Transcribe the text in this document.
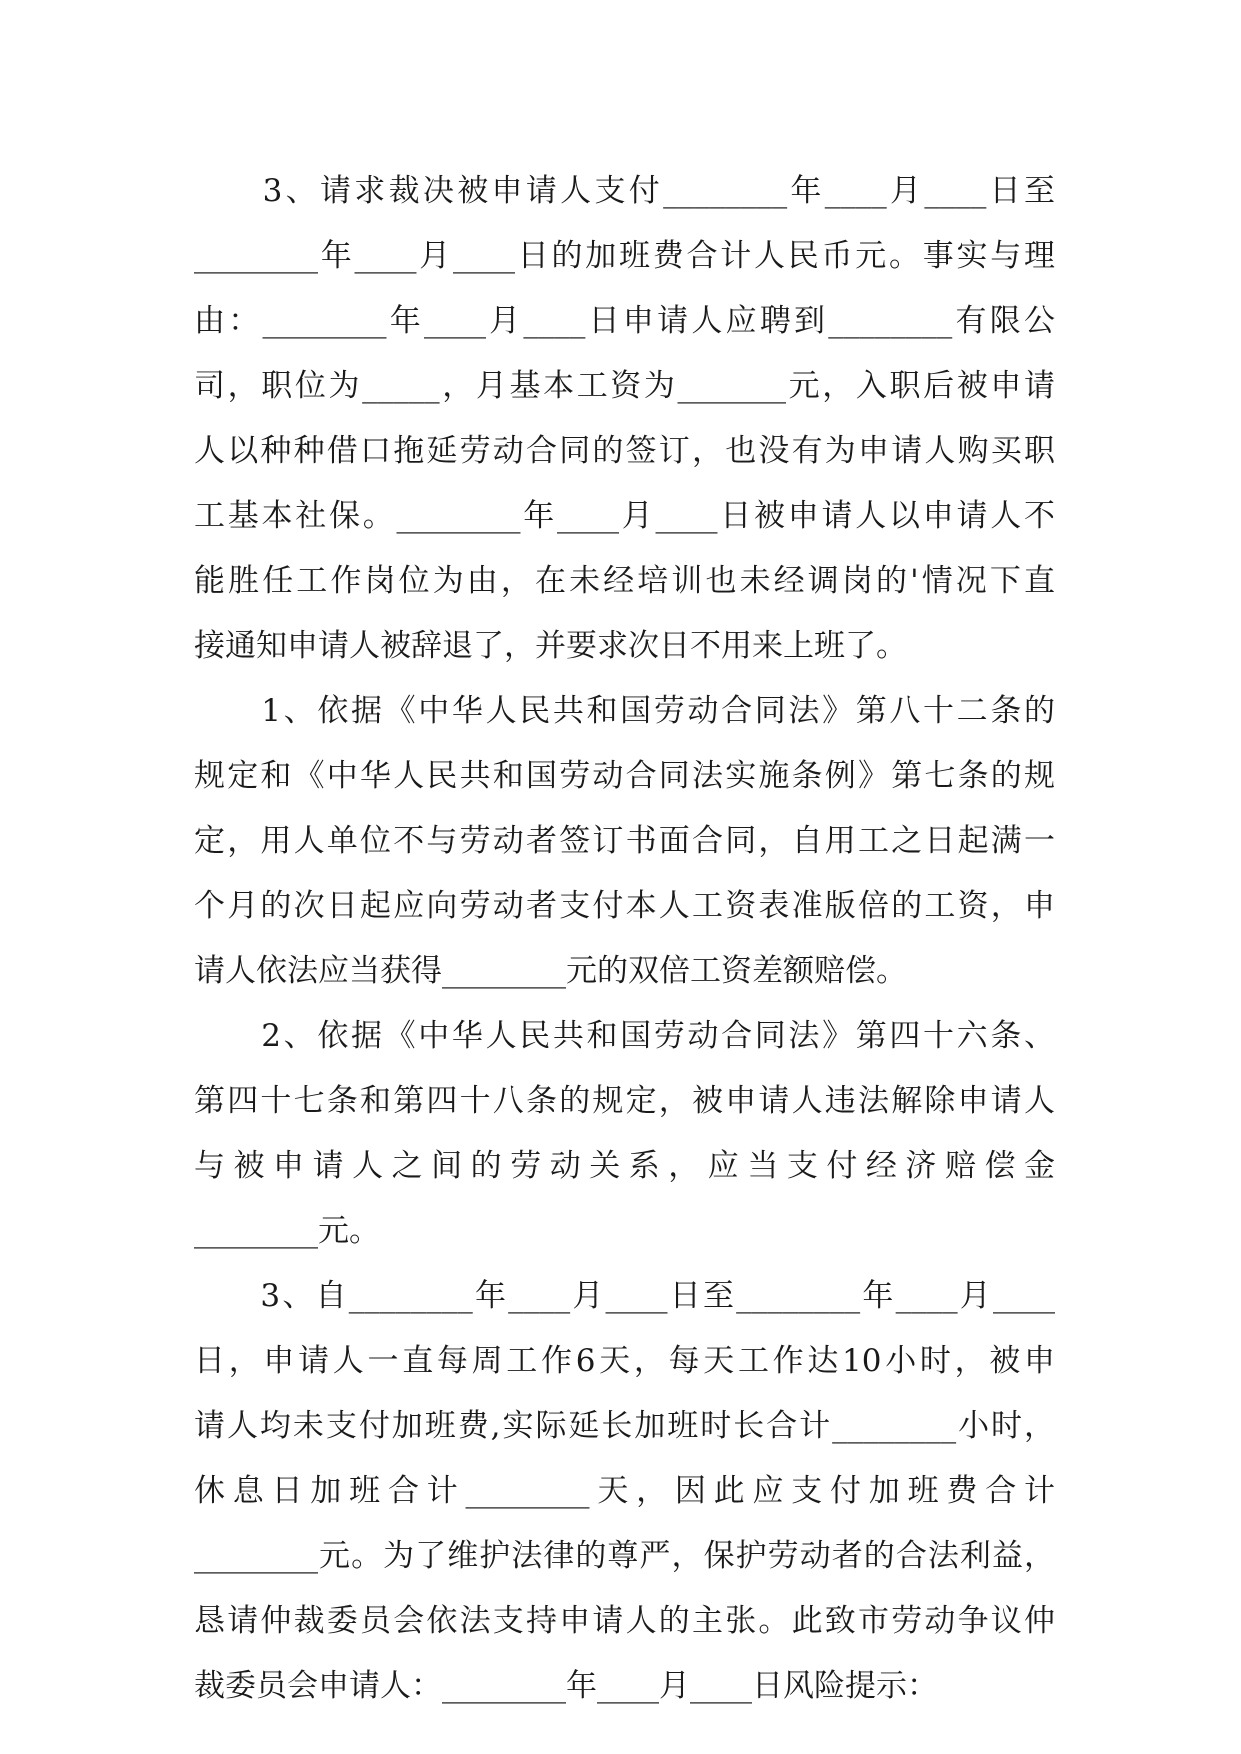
　　3、请求裁决被申请人支付________年____月____日至
________年____月____日的加班费合计人民币元。事实与理
由：________年____月____日申请人应聘到________有限公
司，职位为_____，月基本工资为_______元，入职后被申请
人以种种借口拖延劳动合同的签订，也没有为申请人购买职
工基本社保。________年____月____日被申请人以申请人不
能胜任工作岗位为由，在未经培训也未经调岗的'情况下直
接通知申请人被辞退了，并要求次日不用来上班了。
　　1、依据《中华人民共和国劳动合同法》第八十二条的
规定和《中华人民共和国劳动合同法实施条例》第七条的规
定，用人单位不与劳动者签订书面合同，自用工之日起满一
个月的次日起应向劳动者支付本人工资表准版倍的工资，申
请人依法应当获得________元的双倍工资差额赔偿。
　　2、依据《中华人民共和国劳动合同法》第四十六条、
第四十七条和第四十八条的规定，被申请人违法解除申请人
与被申请人之间的劳动关系，应当支付经济赔偿金
________元。
　　3、自________年____月____日至________年____月____
日，申请人一直每周工作6天，每天工作达10小时，被申
请人均未支付加班费,实际延长加班时长合计________小时，
休息日加班合计________天，因此应支付加班费合计
________元。为了维护法律的尊严，保护劳动者的合法利益，
恳请仲裁委员会依法支持申请人的主张。此致市劳动争议仲
裁委员会申请人：________年____月____日风险提示：
